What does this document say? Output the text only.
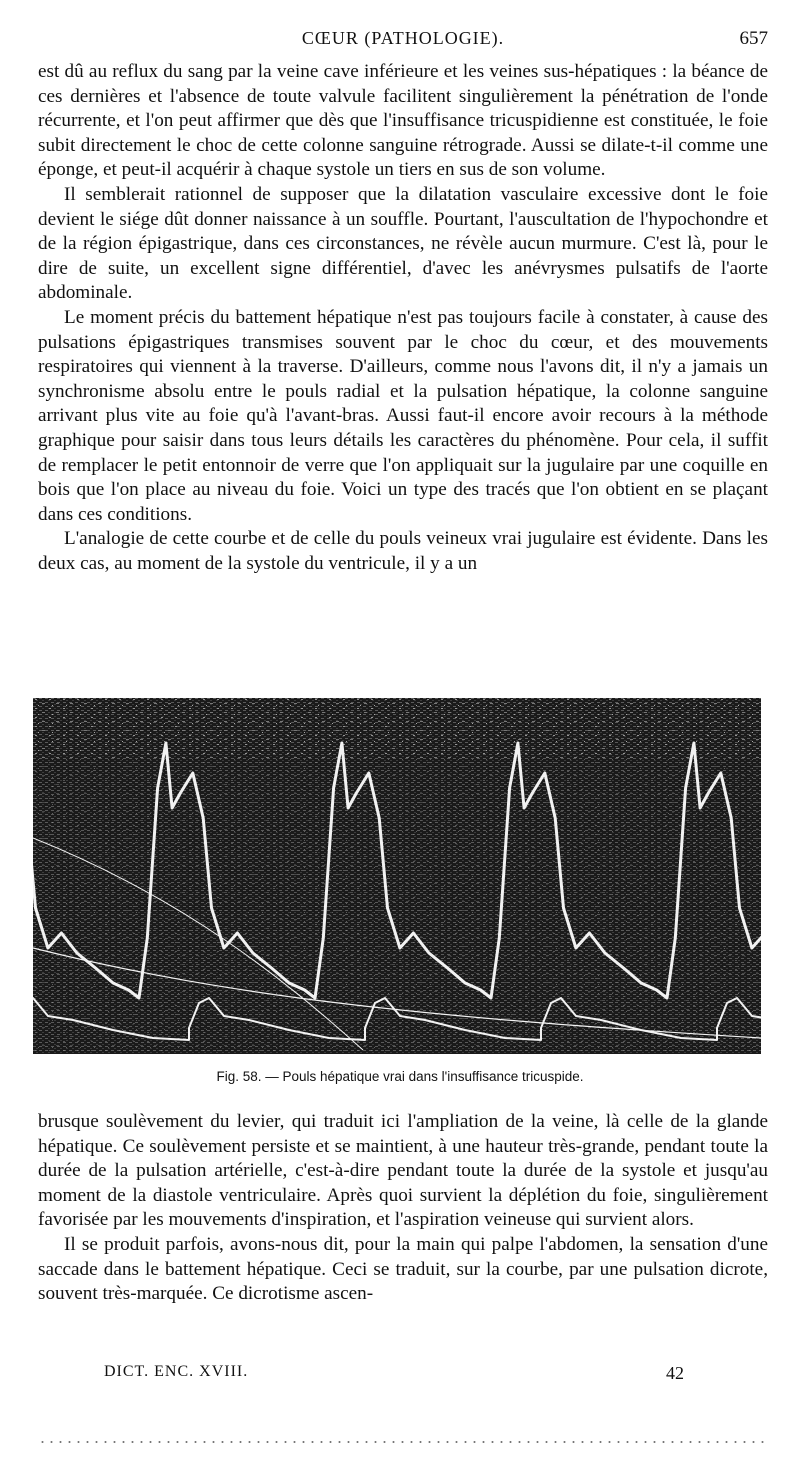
CŒUR (PATHOLOGIE).	657

est dû au reflux du sang par la veine cave inférieure et les veines sus-hépatiques : la béance de ces dernières et l'absence de toute valvule facilitent singulièrement la pénétration de l'onde récurrente, et l'on peut affirmer que dès que l'insuffisance tricuspidienne est constituée, le foie subit directement le choc de cette colonne sanguine rétrograde. Aussi se dilate-t-il comme une éponge, et peut-il acquérir à chaque systole un tiers en sus de son volume.

Il semblerait rationnel de supposer que la dilatation vasculaire excessive dont le foie devient le siége dût donner naissance à un souffle. Pourtant, l'auscultation de l'hypochondre et de la région épigastrique, dans ces circonstances, ne révèle aucun murmure. C'est là, pour le dire de suite, un excellent signe différentiel, d'avec les anévrysmes pulsatifs de l'aorte abdominale.

Le moment précis du battement hépatique n'est pas toujours facile à constater, à cause des pulsations épigastriques transmises souvent par le choc du cœur, et des mouvements respiratoires qui viennent à la traverse. D'ailleurs, comme nous l'avons dit, il n'y a jamais un synchronisme absolu entre le pouls radial et la pulsation hépatique, la colonne sanguine arrivant plus vite au foie qu'à l'avant-bras. Aussi faut-il encore avoir recours à la méthode graphique pour saisir dans tous leurs détails les caractères du phénomène. Pour cela, il suffit de remplacer le petit entonnoir de verre que l'on appliquait sur la jugulaire par une coquille en bois que l'on place au niveau du foie. Voici un type des tracés que l'on obtient en se plaçant dans ces conditions.

L'analogie de cette courbe et de celle du pouls veineux vrai jugulaire est évidente. Dans les deux cas, au moment de la systole du ventricule, il y a un

Fig. 58. — Pouls hépatique vrai dans l'insuffisance tricuspide.

brusque soulèvement du levier, qui traduit ici l'ampliation de la veine, là celle de la glande hépatique. Ce soulèvement persiste et se maintient, à une hauteur très-grande, pendant toute la durée de la pulsation artérielle, c'est-à-dire pendant toute la durée de la systole et jusqu'au moment de la diastole ventriculaire. Après quoi survient la déplétion du foie, singulièrement favorisée par les mouvements d'inspiration, et l'aspiration veineuse qui survient alors.

Il se produit parfois, avons-nous dit, pour la main qui palpe l'abdomen, la sensation d'une saccade dans le battement hépatique. Ceci se traduit, sur la courbe, par une pulsation dicrote, souvent très-marquée. Ce dicrotisme ascen-

DICT. ENC. XVIII.	42
